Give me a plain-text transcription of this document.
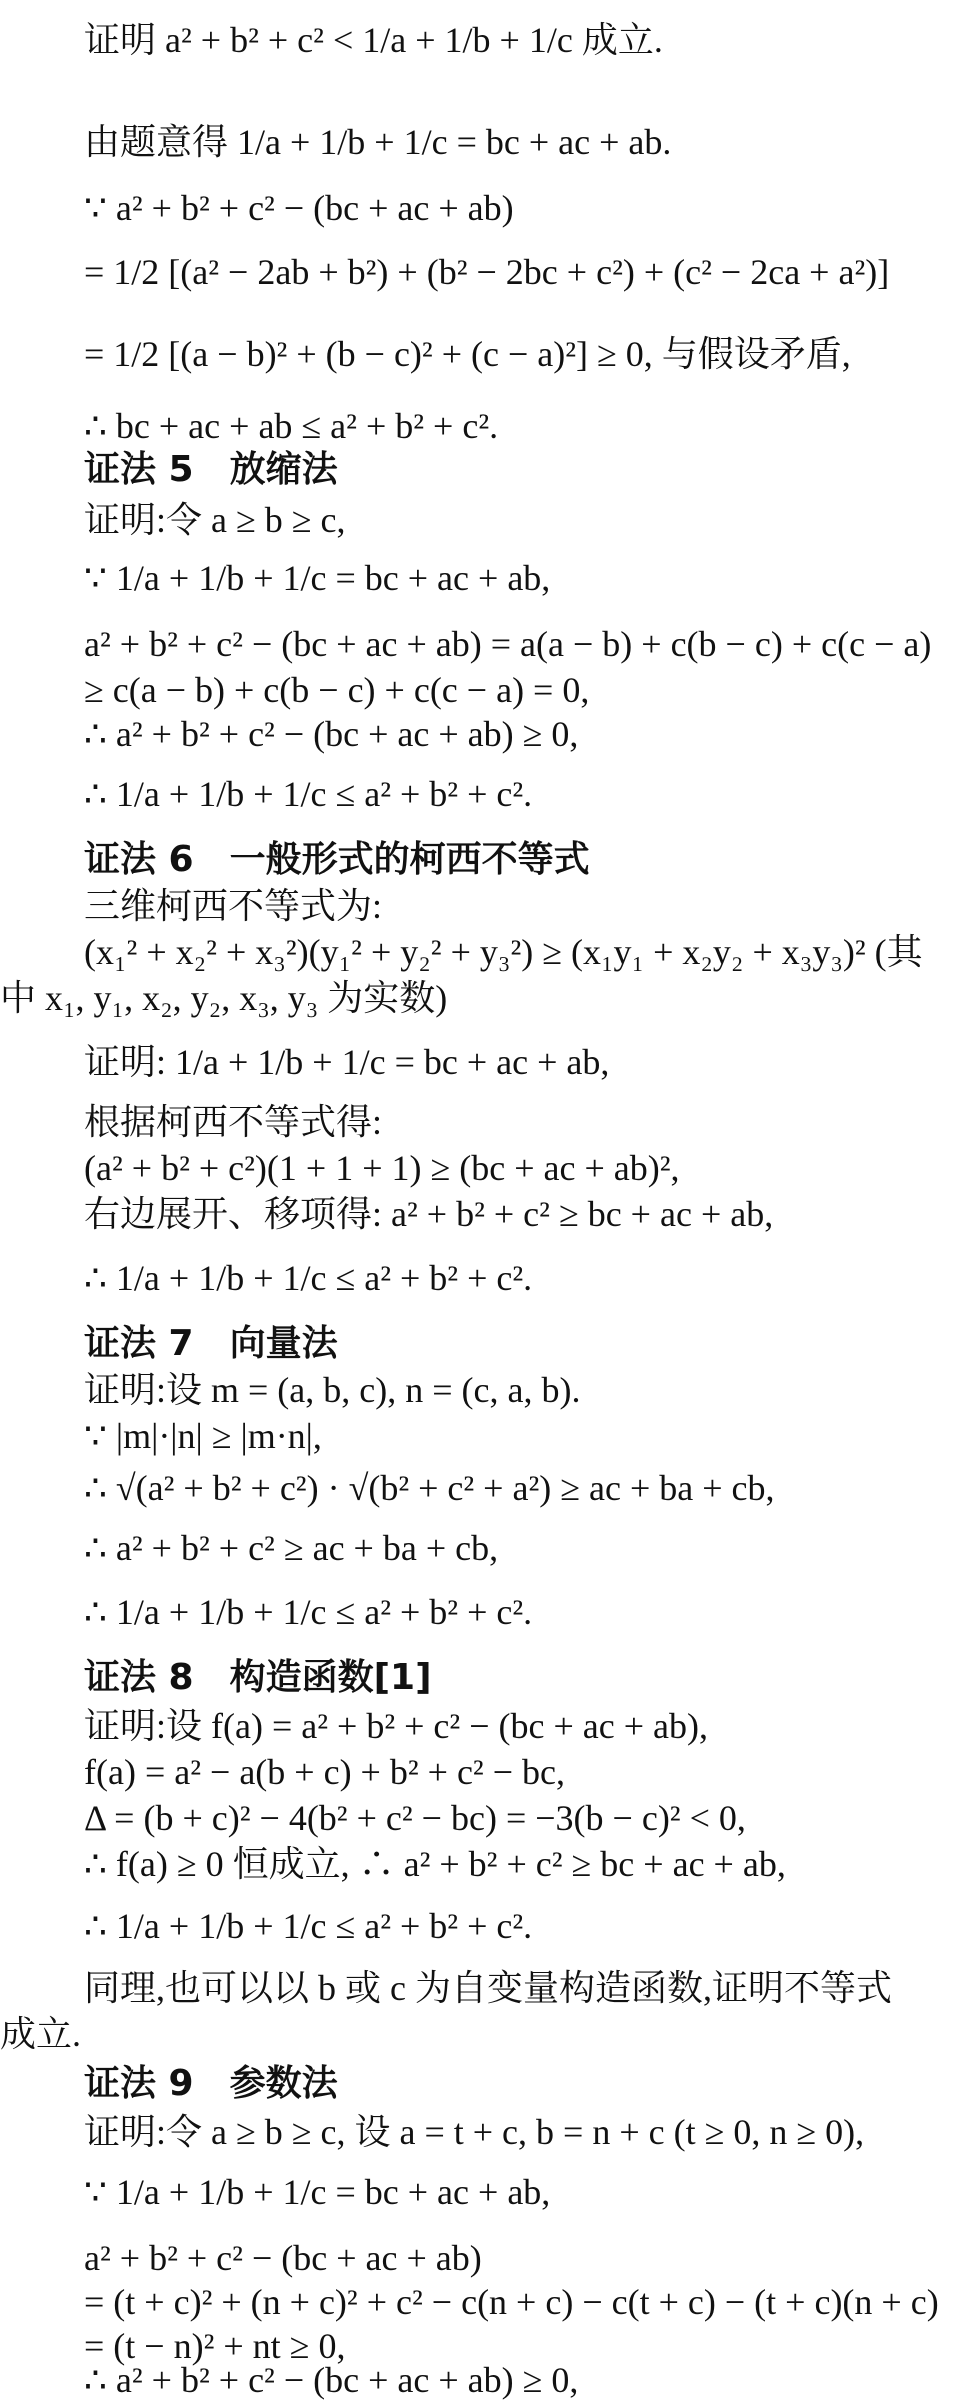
证明 a² + b² + c² < 1/a + 1/b + 1/c 成立.
由题意得 1/a + 1/b + 1/c = bc + ac + ab.
∵ a² + b² + c² − (bc + ac + ab)
= 1/2 [(a² − 2ab + b²) + (b² − 2bc + c²) + (c² − 2ca + a²)]
= 1/2 [(a − b)² + (b − c)² + (c − a)²] ≥ 0, 与假设矛盾,
∴ bc + ac + ab ≤ a² + b² + c².
证法 5　放缩法
证明:令 a ≥ b ≥ c,
∵ 1/a + 1/b + 1/c = bc + ac + ab,
a² + b² + c² − (bc + ac + ab) = a(a − b) + c(b − c) + c(c − a)
≥ c(a − b) + c(b − c) + c(c − a) = 0,
∴ a² + b² + c² − (bc + ac + ab) ≥ 0,
∴ 1/a + 1/b + 1/c ≤ a² + b² + c².
证法 6　一般形式的柯西不等式
三维柯西不等式为:
(x₁² + x₂² + x₃²)(y₁² + y₂² + y₃²) ≥ (x₁y₁ + x₂y₂ + x₃y₃)² (其
中 x₁, y₁, x₂, y₂, x₃, y₃ 为实数)
证明: 1/a + 1/b + 1/c = bc + ac + ab,
根据柯西不等式得:
(a² + b² + c²)(1 + 1 + 1) ≥ (bc + ac + ab)²,
右边展开、移项得: a² + b² + c² ≥ bc + ac + ab,
∴ 1/a + 1/b + 1/c ≤ a² + b² + c².
证法 7　向量法
证明:设 m = (a, b, c), n = (c, a, b).
∵ |m|·|n| ≥ |m·n|,
∴ √(a² + b² + c²) · √(b² + c² + a²) ≥ ac + ba + cb,
∴ a² + b² + c² ≥ ac + ba + cb,
∴ 1/a + 1/b + 1/c ≤ a² + b² + c².
证法 8　构造函数[1]
证明:设 f(a) = a² + b² + c² − (bc + ac + ab),
f(a) = a² − a(b + c) + b² + c² − bc,
Δ = (b + c)² − 4(b² + c² − bc) = −3(b − c)² < 0,
∴ f(a) ≥ 0 恒成立, ∴ a² + b² + c² ≥ bc + ac + ab,
∴ 1/a + 1/b + 1/c ≤ a² + b² + c².
同理,也可以以 b 或 c 为自变量构造函数,证明不等式
成立.
证法 9　参数法
证明:令 a ≥ b ≥ c, 设 a = t + c, b = n + c (t ≥ 0, n ≥ 0),
∵ 1/a + 1/b + 1/c = bc + ac + ab,
a² + b² + c² − (bc + ac + ab)
= (t + c)² + (n + c)² + c² − c(n + c) − c(t + c) − (t + c)(n + c)
= (t − n)² + nt ≥ 0,
∴ a² + b² + c² − (bc + ac + ab) ≥ 0,
